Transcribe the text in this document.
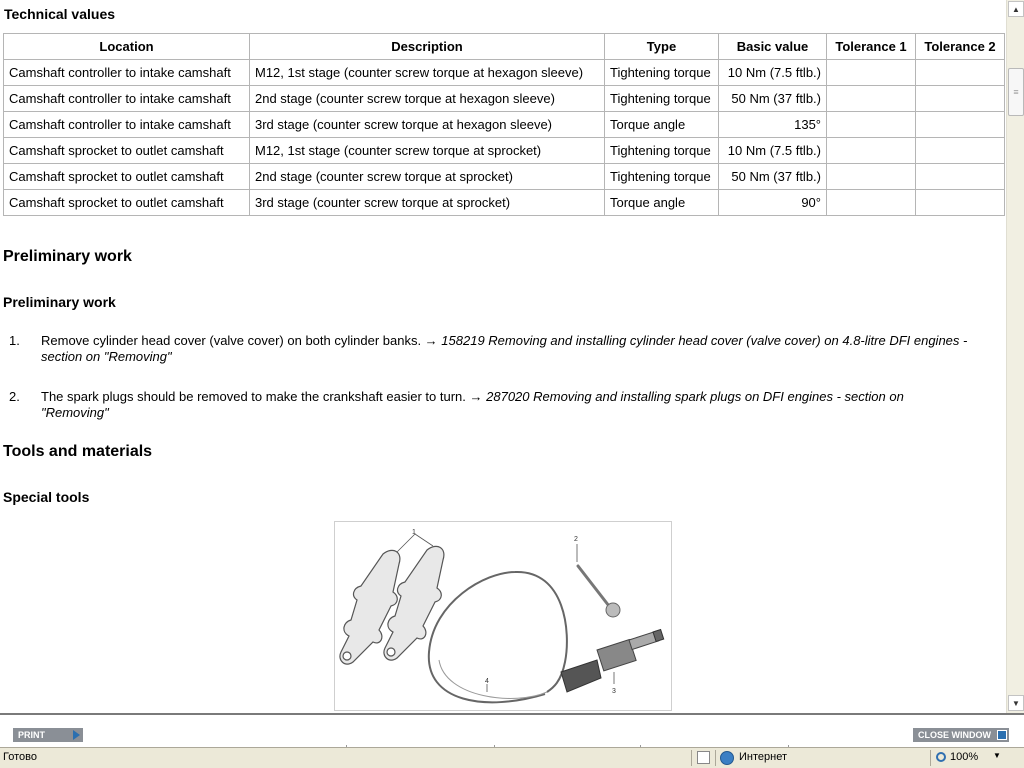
Technical values
Location	Description	Type	Basic value	Tolerance 1	Tolerance 2
Camshaft controller to intake camshaft	M12, 1st stage (counter screw torque at hexagon sleeve)	Tightening torque	10 Nm (7.5 ftlb.)		
Camshaft controller to intake camshaft	2nd stage (counter screw torque at hexagon sleeve)	Tightening torque	50 Nm (37 ftlb.)		
Camshaft controller to intake camshaft	3rd stage (counter screw torque at hexagon sleeve)	Torque angle	135°		
Camshaft sprocket to outlet camshaft	M12, 1st stage (counter screw torque at sprocket)	Tightening torque	10 Nm (7.5 ftlb.)		
Camshaft sprocket to outlet camshaft	2nd stage (counter screw torque at sprocket)	Tightening torque	50 Nm (37 ftlb.)		
Camshaft sprocket to outlet camshaft	3rd stage (counter screw torque at sprocket)	Torque angle	90°		
Preliminary work
Preliminary work
1. Remove cylinder head cover (valve cover) on both cylinder banks. → 158219 Removing and installing cylinder head cover (valve cover) on 4.8-litre DFI engines - section on "Removing"
2. The spark plugs should be removed to make the crankshaft easier to turn. → 287020 Removing and installing spark plugs on DFI engines - section on "Removing"
Tools and materials
Special tools
1
2
4
3
▲
≡
▼
PRINT	CLOSE WINDOW
Готово	Интернет	100% ▼
